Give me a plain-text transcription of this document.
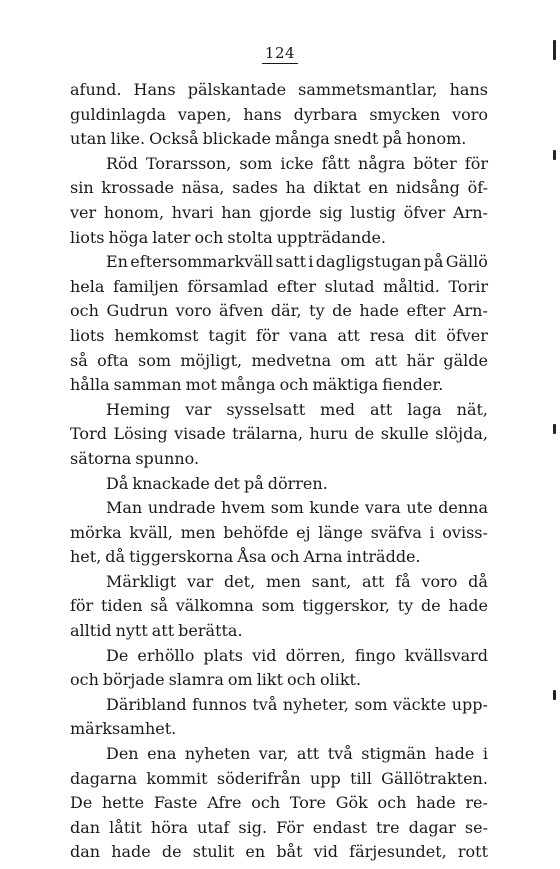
124
afund. Hans pälskantade sammetsmantlar, hans
guldinlagda vapen, hans dyrbara smycken voro
utan like. Också blickade många snedt på honom.
Röd Torarsson, som icke fått några böter för
sin krossade näsa, sades ha diktat en nidsång öf-
ver honom, hvari han gjorde sig lustig öfver Arn-
liots höga later och stolta uppträdande.
En eftersommarkväll satt i dagligstugan på Gällö
hela familjen församlad efter slutad måltid. Torir
och Gudrun voro äfven där, ty de hade efter Arn-
liots hemkomst tagit för vana att resa dit öfver
så ofta som möjligt, medvetna om att här gälde
hålla samman mot många och mäktiga fiender.
Heming var sysselsatt med att laga nät,
Tord Lösing visade trälarna, huru de skulle slöjda,
sätorna spunno.
Då knackade det på dörren.
Man undrade hvem som kunde vara ute denna
mörka kväll, men behöfde ej länge sväfva i oviss-
het, då tiggerskorna Åsa och Arna inträdde.
Märkligt var det, men sant, att få voro då
för tiden så välkomna som tiggerskor, ty de hade
alltid nytt att berätta.
De erhöllo plats vid dörren, fingo kvällsvard
och började slamra om likt och olikt.
Däribland funnos två nyheter, som väckte upp-
märksamhet.
Den ena nyheten var, att två stigmän hade i
dagarna kommit söderifrån upp till Gällötrakten.
De hette Faste Afre och Tore Gök och hade re-
dan låtit höra utaf sig. För endast tre dagar se-
dan hade de stulit en båt vid färjesundet, rott
